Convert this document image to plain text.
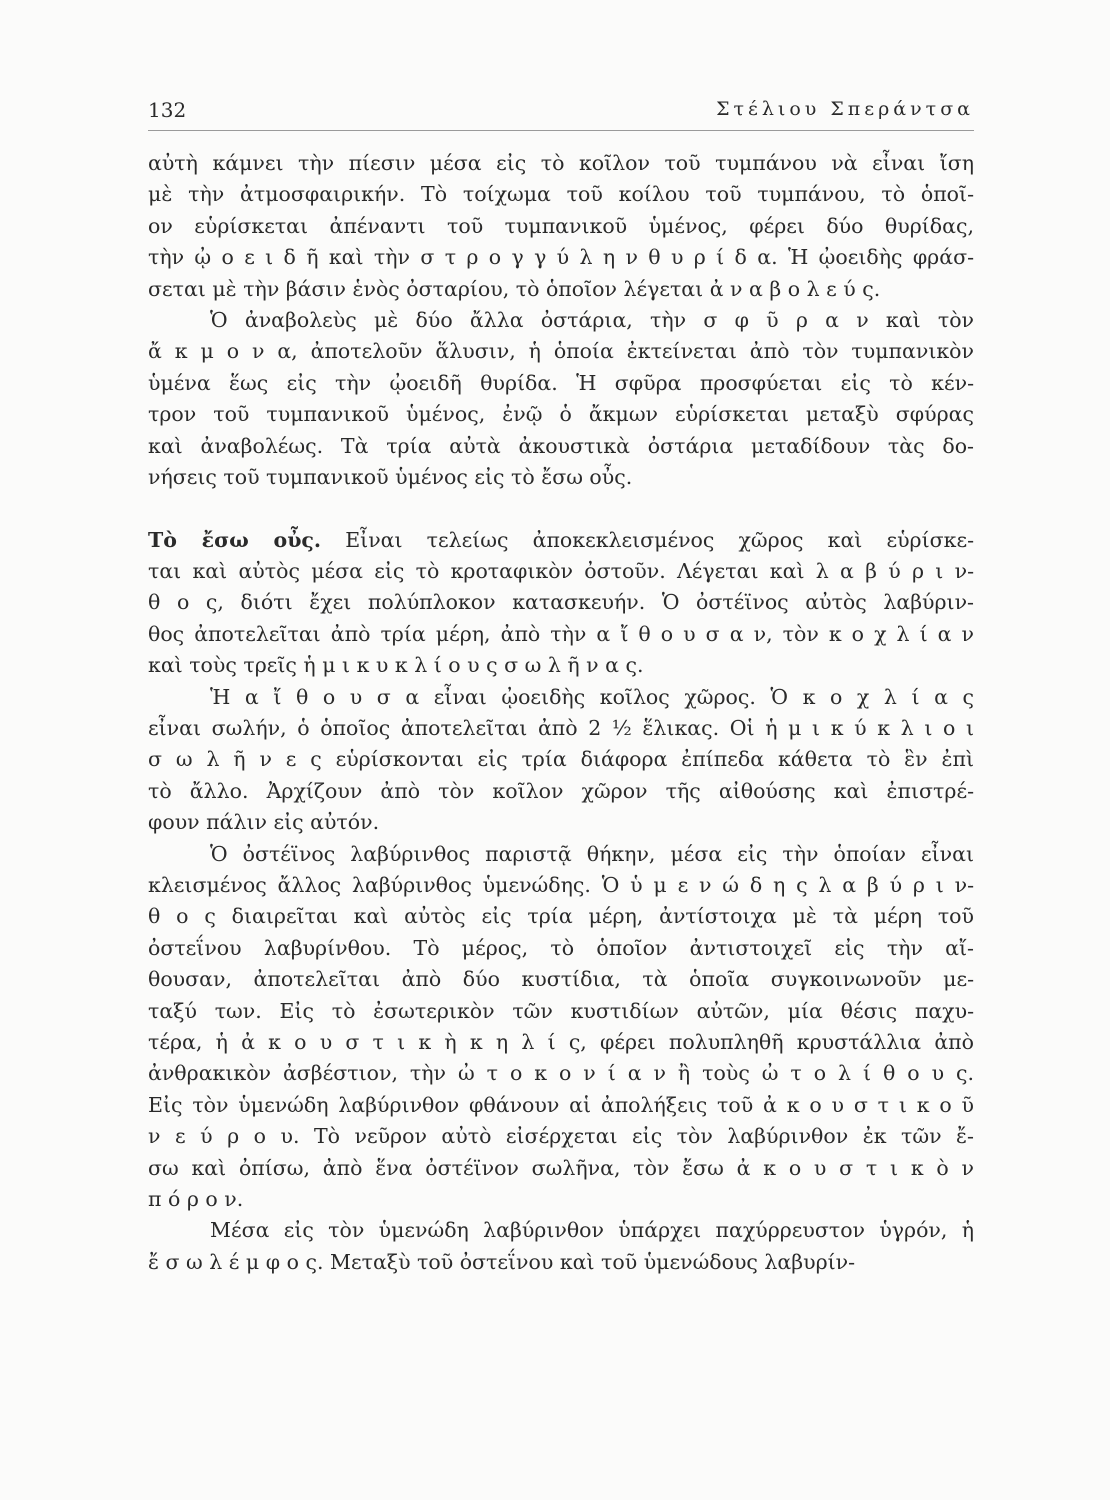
132	Στέλιου Σπεράντσα
αὐτὴ κάμνει τὴν πίεσιν μέσα εἰς τὸ κοῖλον τοῦ τυμπάνου νὰ εἶναι ἴση
μὲ τὴν ἀτμοσφαιρικήν. Τὸ τοίχωμα τοῦ κοίλου τοῦ τυμπάνου, τὸ ὁποῖ-
ον εὑρίσκεται ἀπέναντι τοῦ τυμπανικοῦ ὑμένος, φέρει δύο θυρίδας,
τὴν ᾠ ο ε ι δ ῆ καὶ τὴν σ τ ρ ο γ γ ύ λ η ν θ υ ρ ί δ α. Ἡ ᾠοειδὴς φράσ-
σεται μὲ τὴν βάσιν ἑνὸς ὀσταρίου, τὸ ὁποῖον λέγεται ἀ ν α β ο λ ε ύ ς.
Ὁ ἀναβολεὺς μὲ δύο ἄλλα ὀστάρια, τὴν σ φ ῦ ρ α ν καὶ τὸν
ἄ κ μ ο ν α, ἀποτελοῦν ἅλυσιν, ἡ ὁποία ἐκτείνεται ἀπὸ τὸν τυμπανικὸν
ὑμένα ἕως εἰς τὴν ᾠοειδῆ θυρίδα. Ἡ σφῦρα προσφύεται εἰς τὸ κέν-
τρον τοῦ τυμπανικοῦ ὑμένος, ἐνῷ ὁ ἄκμων εὑρίσκεται μεταξὺ σφύρας
καὶ ἀναβολέως. Τὰ τρία αὐτὰ ἀκουστικὰ ὀστάρια μεταδίδουν τὰς δο-
νήσεις τοῦ τυμπανικοῦ ὑμένος εἰς τὸ ἔσω οὖς.
Τὸ ἔσω οὖς. Εἶναι τελείως ἀποκεκλεισμένος χῶρος καὶ εὑρίσκε-
ται καὶ αὐτὸς μέσα εἰς τὸ κροταφικὸν ὀστοῦν. Λέγεται καὶ λ α β ύ ρ ι ν-
θ ο ς, διότι ἔχει πολύπλοκον κατασκευήν. Ὁ ὀστέϊνος αὐτὸς λαβύριν-
θος ἀποτελεῖται ἀπὸ τρία μέρη, ἀπὸ τὴν α ἴ θ ο υ σ α ν, τὸν κ ο χ λ ί α ν
καὶ τοὺς τρεῖς ἡ μ ι κ υ κ λ ί ο υ ς σ ω λ ῆ ν α ς.
Ἡ α ἴ θ ο υ σ α εἶναι ᾠοειδὴς κοῖλος χῶρος. Ὁ κ ο χ λ ί α ς
εἶναι σωλήν, ὁ ὁποῖος ἀποτελεῖται ἀπὸ 2 ½ ἕλικας. Οἱ ἡ μ ι κ ύ κ λ ι ο ι
σ ω λ ῆ ν ε ς εὑρίσκονται εἰς τρία διάφορα ἐπίπεδα κάθετα τὸ ἓν ἐπὶ
τὸ ἄλλο. Ἀρχίζουν ἀπὸ τὸν κοῖλον χῶρον τῆς αἰθούσης καὶ ἐπιστρέ-
φουν πάλιν εἰς αὐτόν.
Ὁ ὀστέϊνος λαβύρινθος παριστᾷ θήκην, μέσα εἰς τὴν ὁποίαν εἶναι
κλεισμένος ἄλλος λαβύρινθος ὑμενώδης. Ὁ ὑ μ ε ν ώ δ η ς λ α β ύ ρ ι ν-
θ ο ς διαιρεῖται καὶ αὐτὸς εἰς τρία μέρη, ἀντίστοιχα μὲ τὰ μέρη τοῦ
ὀστεΐνου λαβυρίνθου. Τὸ μέρος, τὸ ὁποῖον ἀντιστοιχεῖ εἰς τὴν αἴ-
θουσαν, ἀποτελεῖται ἀπὸ δύο κυστίδια, τὰ ὁποῖα συγκοινωνοῦν με-
ταξύ των. Εἰς τὸ ἐσωτερικὸν τῶν κυστιδίων αὐτῶν, μία θέσις παχυ-
τέρα, ἡ ἀ κ ο υ σ τ ι κ ὴ κ η λ ί ς, φέρει πολυπληθῆ κρυστάλλια ἀπὸ
ἀνθρακικὸν ἀσβέστιον, τὴν ὠ τ ο κ ο ν ί α ν ἢ τοὺς ὠ τ ο λ ί θ ο υ ς.
Εἰς τὸν ὑμενώδη λαβύρινθον φθάνουν αἱ ἀπολήξεις τοῦ ἀ κ ο υ σ τ ι κ ο ῦ
ν ε ύ ρ ο υ. Τὸ νεῦρον αὐτὸ εἰσέρχεται εἰς τὸν λαβύρινθον ἐκ τῶν ἔ-
σω καὶ ὀπίσω, ἀπὸ ἕνα ὀστέϊνον σωλῆνα, τὸν ἔσω ἀ κ ο υ σ τ ι κ ὸ ν
π ό ρ ο ν.
Μέσα εἰς τὸν ὑμενώδη λαβύρινθον ὑπάρχει παχύρρευστον ὑγρόν, ἡ
ἔ σ ω λ έ μ φ ο ς. Μεταξὺ τοῦ ὀστεΐνου καὶ τοῦ ὑμενώδους λαβυρίν-
